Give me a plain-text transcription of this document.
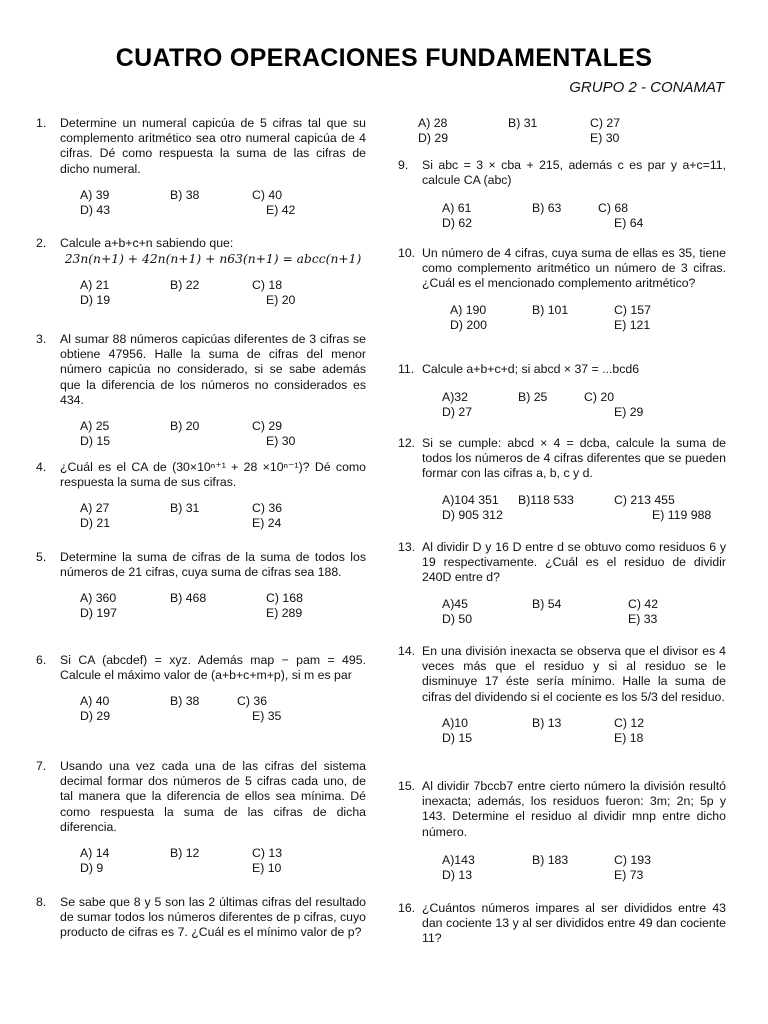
CUATRO OPERACIONES FUNDAMENTALES
GRUPO 2 - CONAMAT
1. Determine un numeral capicúa de 5 cifras tal que su complemento aritmético sea otro numeral capicúa de 4 cifras. Dé como respuesta la suma de las cifras de dicho numeral.
A) 39	B) 38	C) 40
D) 43	E) 42
2. Calcule a+b+c+n sabiendo que:
23n(n+1) + 42n(n+1) + n63(n+1) = abcc(n+1)
A) 21	B) 22	C) 18
D) 19	E) 20
3. Al sumar 88 números capicúas diferentes de 3 cifras se obtiene 47956. Halle la suma de cifras del menor número capicúa no considerado, si se sabe además que la diferencia de los números no considerados es 434.
A) 25	B) 20	C) 29
D) 15	E) 30
4. ¿Cuál es el CA de (30×10ⁿ⁺¹ + 28 ×10ⁿ⁻¹)? Dé como respuesta la suma de sus cifras.
A) 27	B) 31	C) 36
D) 21	E) 24
5. Determine la suma de cifras de la suma de todos los números de 21 cifras, cuya suma de cifras sea 188.
A) 360	B) 468	C) 168
D) 197	E) 289
6. Si CA (abcdef) = xyz. Además map − pam = 495. Calcule el máximo valor de (a+b+c+m+p), si m es par
A) 40	B) 38	C) 36
D) 29	E) 35
7. Usando una vez cada una de las cifras del sistema decimal formar dos números de 5 cifras cada uno, de tal manera que la diferencia de ellos sea mínima. Dé como respuesta la suma de las cifras de dicha diferencia.
A) 14	B) 12	C) 13
D) 9	E) 10
8. Se sabe que 8 y 5 son las 2 últimas cifras del resultado de sumar todos los números diferentes de p cifras, cuyo producto de cifras es 7. ¿Cuál es el mínimo valor de p?
A) 28	B) 31	C) 27
D) 29	E) 30
9. Si abc = 3 × cba + 215, además c es par y a+c=11, calcule CA (abc)
A) 61	B) 63	C) 68
D) 62	E) 64
10. Un número de 4 cifras, cuya suma de ellas es 35, tiene como complemento aritmético un número de 3 cifras. ¿Cuál es el mencionado complemento aritmético?
A) 190	B) 101	C) 157
D) 200	E) 121
11. Calcule a+b+c+d; si abcd × 37 = ...bcd6
A)32	B) 25	C) 20
D) 27	E) 29
12. Si se cumple: abcd × 4 = dcba, calcule la suma de todos los números de 4 cifras diferentes que se pueden formar con las cifras a, b, c y d.
A)104 351 B)118 533	C) 213 455
D) 905 312	E) 119 988
13. Al dividir D y 16 D entre d se obtuvo como residuos 6 y 19 respectivamente. ¿Cuál es el residuo de dividir 240D entre d?
A)45	B) 54	C) 42
D) 50	E) 33
14. En una división inexacta se observa que el divisor es 4 veces más que el residuo y si al residuo se le disminuye 17 éste sería mínimo. Halle la suma de cifras del dividendo si el cociente es los 5/3 del residuo.
A)10	B) 13	C) 12
D) 15	E) 18
15. Al dividir 7bccb7 entre cierto número la división resultó inexacta; además, los residuos fueron: 3m; 2n; 5p y 143. Determine el residuo al dividir mnp entre dicho número.
A)143	B) 183	C) 193
D) 13	E) 73
16. ¿Cuántos números impares al ser divididos entre 43 dan cociente 13 y al ser divididos entre 49 dan cociente 11?
